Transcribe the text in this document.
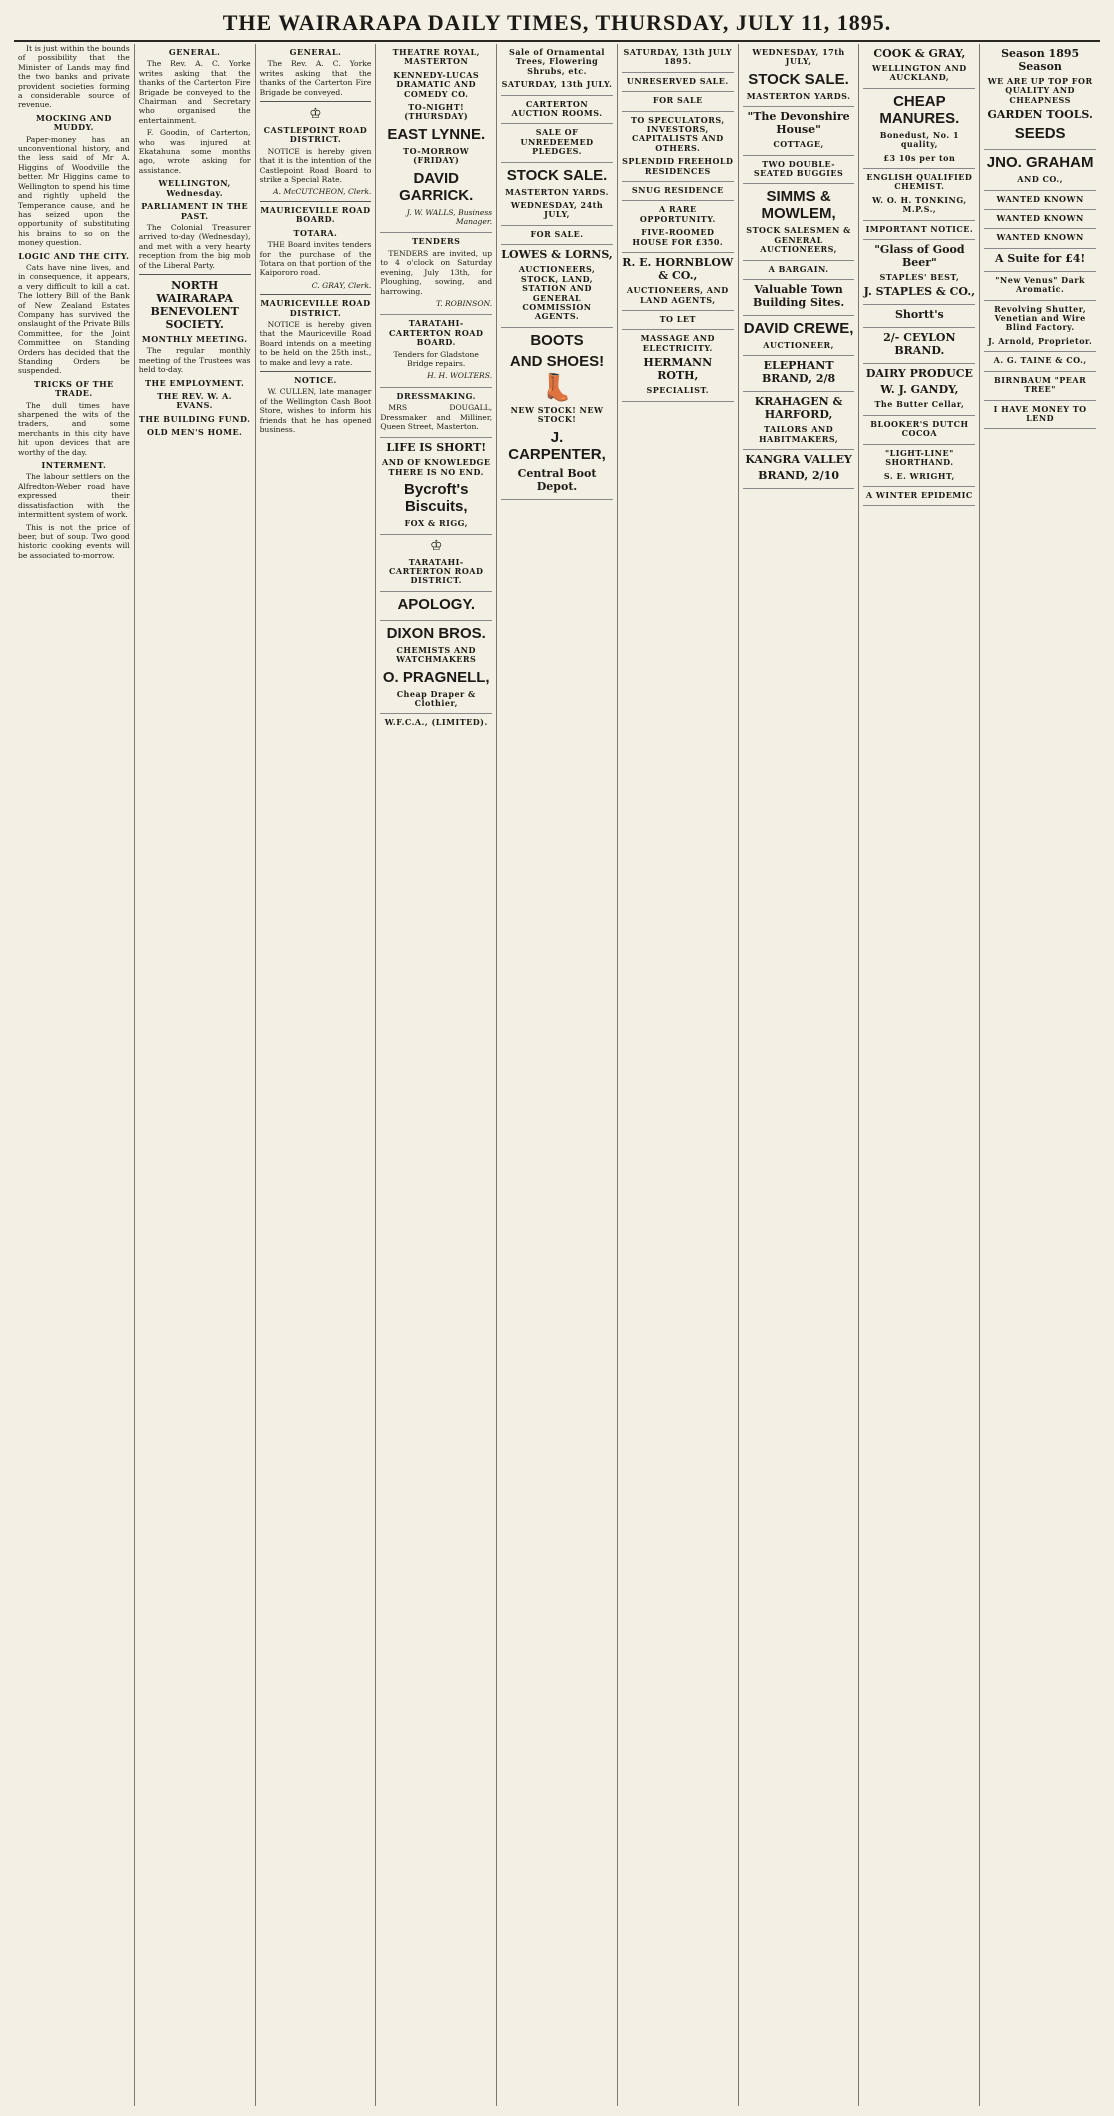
THE WAIRARAPA DAILY TIMES, THURSDAY, JULY 11, 1895.

It is just within the bounds of possibility that the Minister of Lands may find the two banks and private provident societies forming a considerable source of revenue.

MOCKING AND MUDDY.

Paper-money has an unconventional history, and the less said of Mr A. Higgins of Woodville the better. Mr Higgins came to Wellington to spend his time and rightly upheld the Temperance cause, and he has seized upon the opportunity of substituting his brains to so on the money question.

LOGIC AND THE CITY.

Cats have nine lives, and in consequence, it appears, a very difficult to kill a cat. The lottery Bill of the Bank of New Zealand Estates Company has survived the onslaught of the Private Bills Committee, for the Joint Committee on Standing Orders has decided that the Standing Orders be suspended.

TRICKS OF THE TRADE.

The dull times have sharpened the wits of the traders, and some merchants in this city have hit upon devices that are worthy of the day.

INTERMENT.

The labour settlers on the Alfredton-Weber road have expressed their dissatisfaction with the intermittent system of work.

This is not the price of beer, but of soup. Two good historic cooking events will be associated to-morrow.

GENERAL.

The Rev. A. C. Yorke writes asking that the thanks of the Carterton Fire Brigade be conveyed to the Chairman and Secretary who organised the entertainment.

F. Goodin, of Carterton, who was injured at Ekatahuna some months ago, wrote asking for assistance.

WELLINGTON, Wednesday.
PARLIAMENT IN THE PAST.

The Colonial Treasurer arrived to-day (Wednesday), and met with a very hearty reception from the big mob of the Liberal Party.

NORTH WAIRARAPA BENEVOLENT SOCIETY.
MONTHLY MEETING.

The regular monthly meeting of the Trustees was held to-day.

THE EMPLOYMENT.
THE REV. W. A. EVANS.
THE BUILDING FUND.
OLD MEN'S HOME.
GENERAL.

The Rev. A. C. Yorke writes asking that the thanks of the Carterton Fire Brigade be conveyed.

♔
CASTLEPOINT ROAD DISTRICT.

NOTICE is hereby given that it is the intention of the Castlepoint Road Board to strike a Special Rate.

A. McCUTCHEON, Clerk.

MAURICEVILLE ROAD BOARD.
TOTARA.

THE Board invites tenders for the purchase of the Totara on that portion of the Kaipororo road.

C. GRAY, Clerk.

MAURICEVILLE ROAD DISTRICT.

NOTICE is hereby given that the Mauriceville Road Board intends on a meeting to be held on the 25th inst., to make and levy a rate.

NOTICE.

W. CULLEN, late manager of the Wellington Cash Boot Store, wishes to inform his friends that he has opened business.

THEATRE ROYAL, MASTERTON
KENNEDY-LUCAS DRAMATIC AND COMEDY CO.
TO-NIGHT! (THURSDAY)
EAST LYNNE.
TO-MORROW (FRIDAY)
DAVID GARRICK.

J. W. WALLS, Business Manager.

TENDERS

TENDERS are invited, up to 4 o'clock on Saturday evening, July 13th, for Ploughing, sowing, and harrowing.

T. ROBINSON.

TARATAHI-CARTERTON ROAD BOARD.

Tenders for Gladstone Bridge repairs.

H. H. WOLTERS.

DRESSMAKING.

MRS DOUGALL, Dressmaker and Milliner, Queen Street, Masterton.

LIFE IS SHORT!
AND OF KNOWLEDGE THERE IS NO END.
Bycroft's Biscuits,
FOX & RIGG,
♔
TARATAHI-CARTERTON ROAD DISTRICT.
APOLOGY.
DIXON BROS.
CHEMISTS AND WATCHMAKERS
O. PRAGNELL,
Cheap Draper & Clothier,
W.F.C.A., (LIMITED).
Sale of Ornamental Trees, Flowering Shrubs, etc.
SATURDAY, 13th JULY.
CARTERTON AUCTION ROOMS.
SALE OF UNREDEEMED PLEDGES.
STOCK SALE.
MASTERTON YARDS.
WEDNESDAY, 24th JULY,
FOR SALE.
LOWES & LORNS,
AUCTIONEERS, STOCK, LAND, STATION AND GENERAL COMMISSION AGENTS.
BOOTS
AND SHOES!
👢
NEW STOCK! NEW STOCK!
J. CARPENTER,
Central Boot Depot.
SATURDAY, 13th JULY 1895.
UNRESERVED SALE.
FOR SALE
TO SPECULATORS, INVESTORS, CAPITALISTS AND OTHERS.
SPLENDID FREEHOLD RESIDENCES
SNUG RESIDENCE
A RARE OPPORTUNITY.
FIVE-ROOMED HOUSE FOR £350.
R. E. HORNBLOW & CO.,
AUCTIONEERS, AND LAND AGENTS,
TO LET
MASSAGE AND ELECTRICITY.
HERMANN ROTH,
SPECIALIST.
WEDNESDAY, 17th JULY,
STOCK SALE.
MASTERTON YARDS.
"The Devonshire House"
COTTAGE,
TWO DOUBLE-SEATED BUGGIES
SIMMS & MOWLEM,
STOCK SALESMEN & GENERAL AUCTIONEERS,
A BARGAIN.
Valuable Town Building Sites.
DAVID CREWE,
AUCTIONEER,
ELEPHANT BRAND, 2/8
KRAHAGEN & HARFORD,
TAILORS AND HABITMAKERS,
KANGRA VALLEY
BRAND, 2/10
COOK & GRAY,
WELLINGTON AND AUCKLAND,
CHEAP MANURES.
Bonedust, No. 1 quality,
£3 10s per ton
ENGLISH QUALIFIED CHEMIST.
W. O. H. TONKING, M.P.S.,
IMPORTANT NOTICE.
"Glass of Good Beer"
STAPLES' BEST,
J. STAPLES & CO.,
Shortt's
2/- CEYLON BRAND.
DAIRY PRODUCE
W. J. GANDY,
The Butter Cellar,
BLOOKER'S DUTCH COCOA
"LIGHT-LINE" SHORTHAND.
S. E. WRIGHT,
A WINTER EPIDEMIC
Season 1895 Season
WE ARE UP TOP FOR QUALITY AND CHEAPNESS
GARDEN TOOLS.
SEEDS
JNO. GRAHAM
AND CO.,
WANTED KNOWN
WANTED KNOWN
WANTED KNOWN
A Suite for £4!
"New Venus" Dark Aromatic.
Revolving Shutter, Venetian and Wire Blind Factory.
J. Arnold, Proprietor.
A. G. TAINE & CO.,
BIRNBAUM "PEAR TREE"
I HAVE MONEY TO LEND
